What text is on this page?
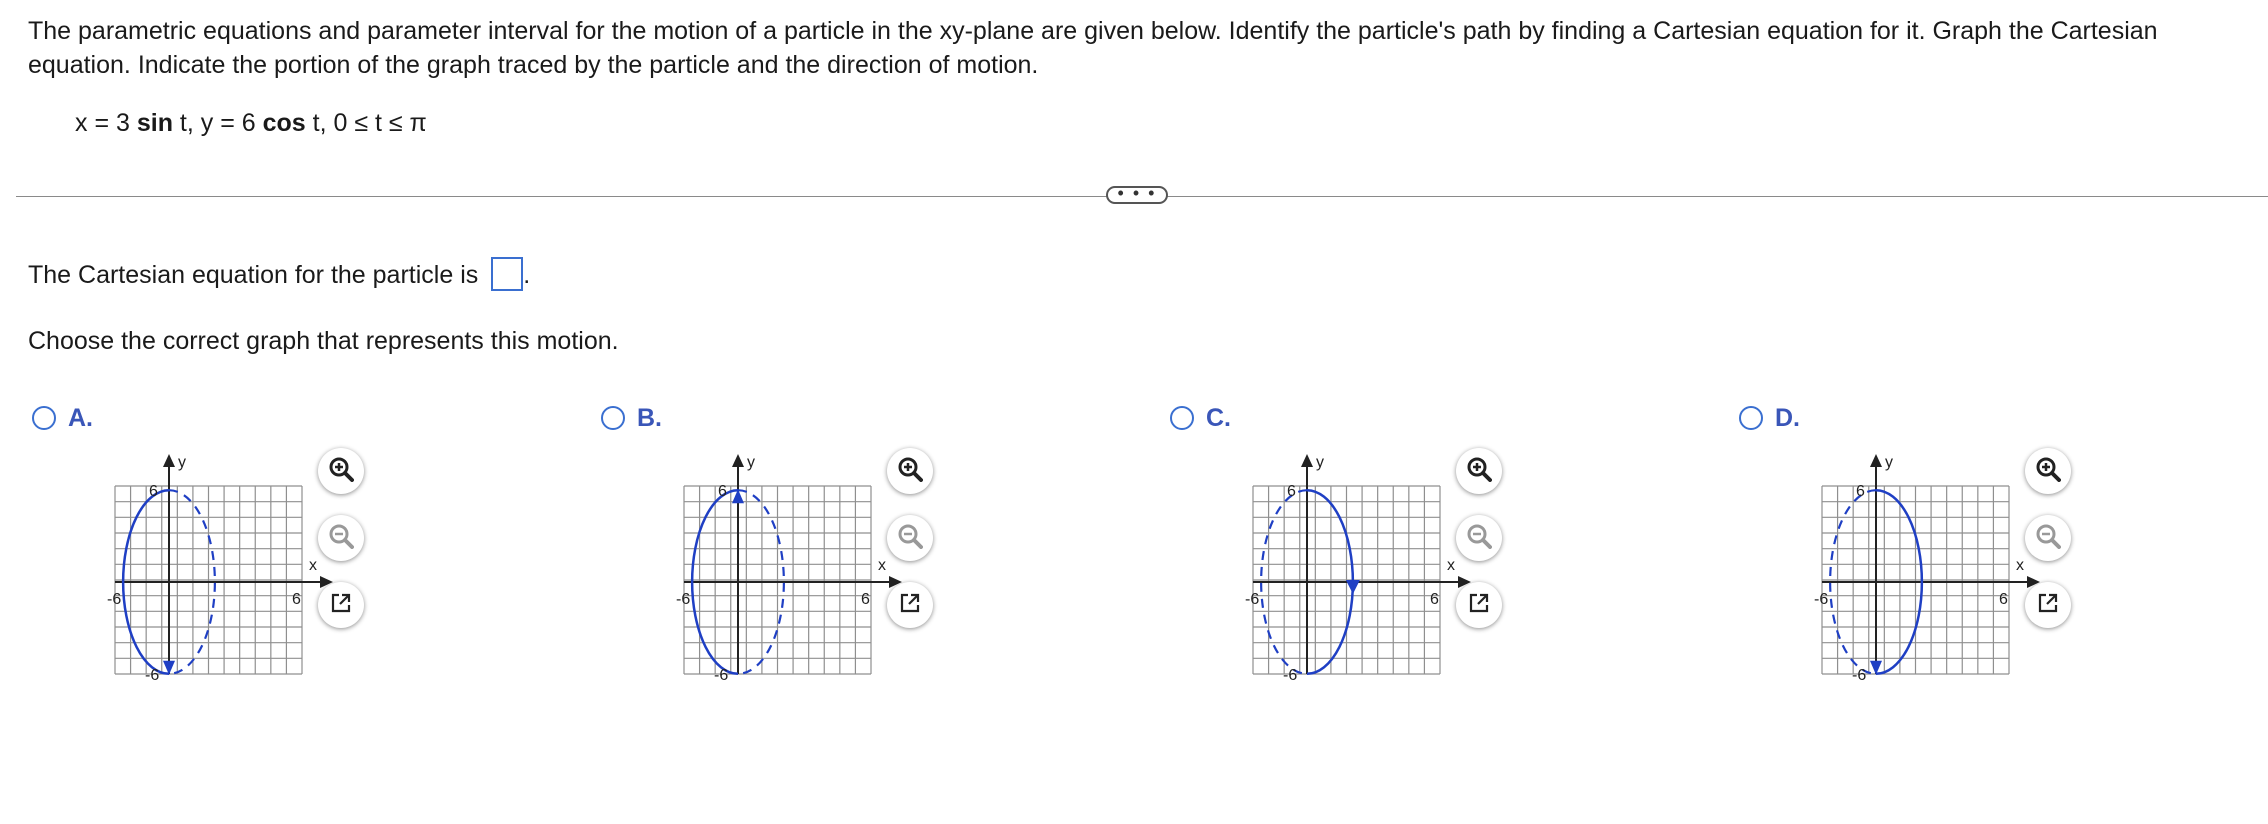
The parametric equations and parameter interval for the motion of a particle in the xy-plane are given below. Identify the particle's path by finding a Cartesian equation for it. Graph the Cartesian equation. Indicate the portion of the graph traced by the particle and the direction of motion.

x = 3 sin t, y = 6 cos t, 0 ≤ t ≤ π
• • •
The Cartesian equation for the particle is .
Choose the correct graph that represents this motion.
A.
y
x
6
-6
-6	6
B.
y
x
6
-6
-6	6
C.
y
x
6
-6
-6	6
D.
y
x
6
-6
-6	6
